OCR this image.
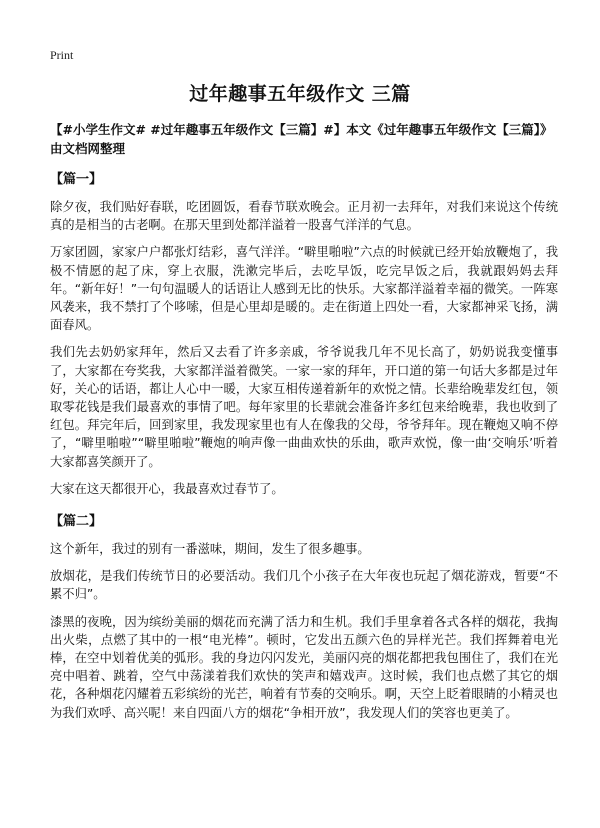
Print
过年趣事五年级作文 三篇

【#小学生作文# #过年趣事五年级作文【三篇】#】本文《过年趣事五年级作文【三篇】》由文档网整理

【篇一】

除夕夜，我们贴好春联，吃团圆饭，看春节联欢晚会。正月初一去拜年，对我们来说这个传统真的是相当的古老啊。在那天里到处都洋溢着一股喜气洋洋的气息。

万家团圆，家家户户都张灯结彩，喜气洋洋。“噼里啪啦”六点的时候就已经开始放鞭炮了，我极不情愿的起了床，穿上衣服，洗漱完毕后，去吃早饭，吃完早饭之后，我就跟妈妈去拜年。“新年好！”一句句温暖人的话语让人感到无比的快乐。大家都洋溢着幸福的微笑。一阵寒风袭来，我不禁打了个哆嗦，但是心里却是暖的。走在街道上四处一看，大家都神采飞扬，满面春风。

我们先去奶奶家拜年，然后又去看了许多亲戚，爷爷说我几年不见长高了，奶奶说我变懂事了，大家都在夸奖我，大家都洋溢着微笑。一家一家的拜年，开口道的第一句话大多都是过年好，关心的话语，都让人心中一暖，大家互相传递着新年的欢悦之情。长辈给晚辈发红包，领取零花钱是我们最喜欢的事情了吧。每年家里的长辈就会准备许多红包来给晚辈，我也收到了红包。拜完年后，回到家里，我发现家里也有人在像我的父母，爷爷拜年。现在鞭炮又响不停了，“噼里啪啦”“噼里啪啦”鞭炮的响声像一曲曲欢快的乐曲，歌声欢悦，像一曲‘交响乐’听着大家都喜笑颜开了。

大家在这天都很开心，我最喜欢过春节了。

【篇二】

这个新年，我过的别有一番滋味，期间，发生了很多趣事。

放烟花，是我们传统节日的必要活动。我们几个小孩子在大年夜也玩起了烟花游戏，暂要“不累不归”。

漆黑的夜晚，因为缤纷美丽的烟花而充满了活力和生机。我们手里拿着各式各样的烟花，我掏出火柴，点燃了其中的一根“电光棒”。顿时，它发出五颜六色的异样光芒。我们挥舞着电光棒，在空中划着优美的弧形。我的身边闪闪发光，美丽闪亮的烟花都把我包围住了，我们在光亮中唱着、跳着，空气中荡漾着我们欢快的笑声和嬉戏声。这时候，我们也点燃了其它的烟花，各种烟花闪耀着五彩缤纷的光芒，响着有节奏的交响乐。啊，天空上眨着眼睛的小精灵也为我们欢呼、高兴呢！来自四面八方的烟花“争相开放”，我发现人们的笑容也更美了。
